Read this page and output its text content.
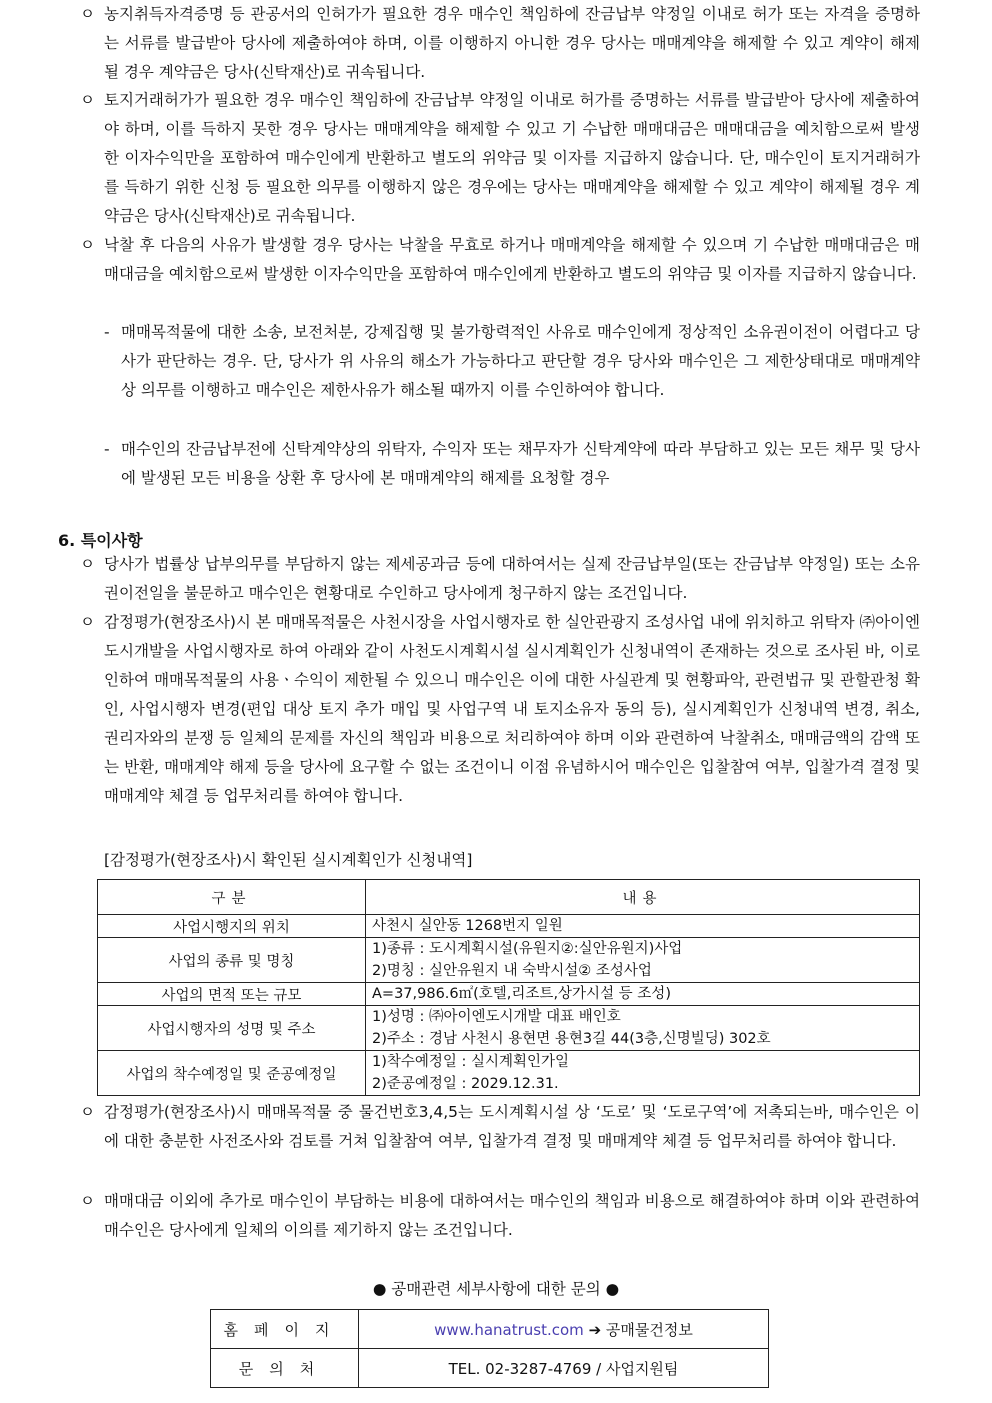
ㅇ 농지취득자격증명 등 관공서의 인허가가 필요한 경우 매수인 책임하에 잔금납부 약정일 이내로 허가 또는 자격을 증명하는 서류를 발급받아 당사에 제출하여야 하며, 이를 이행하지 아니한 경우 당사는 매매계약을 해제할 수 있고 계약이 해제될 경우 계약금은 당사(신탁재산)로 귀속됩니다.
ㅇ 토지거래허가가 필요한 경우 매수인 책임하에 잔금납부 약정일 이내로 허가를 증명하는 서류를 발급받아 당사에 제출하여야 하며, 이를 득하지 못한 경우 당사는 매매계약을 해제할 수 있고 기 수납한 매매대금은 매매대금을 예치함으로써 발생한 이자수익만을 포함하여 매수인에게 반환하고 별도의 위약금 및 이자를 지급하지 않습니다. 단, 매수인이 토지거래허가를 득하기 위한 신청 등 필요한 의무를 이행하지 않은 경우에는 당사는 매매계약을 해제할 수 있고 계약이 해제될 경우 계약금은 당사(신탁재산)로 귀속됩니다.
ㅇ 낙찰 후 다음의 사유가 발생할 경우 당사는 낙찰을 무효로 하거나 매매계약을 해제할 수 있으며 기 수납한 매매대금은 매매대금을 예치함으로써 발생한 이자수익만을 포함하여 매수인에게 반환하고 별도의 위약금 및 이자를 지급하지 않습니다.
- 매매목적물에 대한 소송, 보전처분, 강제집행 및 불가항력적인 사유로 매수인에게 정상적인 소유권이전이 어렵다고 당사가 판단하는 경우. 단, 당사가 위 사유의 해소가 가능하다고 판단할 경우 당사와 매수인은 그 제한상태대로 매매계약상 의무를 이행하고 매수인은 제한사유가 해소될 때까지 이를 수인하여야 합니다.
- 매수인의 잔금납부전에 신탁계약상의 위탁자, 수익자 또는 채무자가 신탁계약에 따라 부담하고 있는 모든 채무 및 당사에 발생된 모든 비용을 상환 후 당사에 본 매매계약의 해제를 요청할 경우
6. 특이사항
ㅇ 당사가 법률상 납부의무를 부담하지 않는 제세공과금 등에 대하여서는 실제 잔금납부일(또는 잔금납부 약정일) 또는 소유권이전일을 불문하고 매수인은 현황대로 수인하고 당사에게 청구하지 않는 조건입니다.
ㅇ 감정평가(현장조사)시 본 매매목적물은 사천시장을 사업시행자로 한 실안관광지 조성사업 내에 위치하고 위탁자 ㈜아이엔도시개발을 사업시행자로 하여 아래와 같이 사천도시계획시설 실시계획인가 신청내역이 존재하는 것으로 조사된 바, 이로 인하여 매매목적물의 사용ㆍ수익이 제한될 수 있으니 매수인은 이에 대한 사실관계 및 현황파악, 관련법규 및 관할관청 확인, 사업시행자 변경(편입 대상 토지 추가 매입 및 사업구역 내 토지소유자 동의 등), 실시계획인가 신청내역 변경, 취소, 권리자와의 분쟁 등 일체의 문제를 자신의 책임과 비용으로 처리하여야 하며 이와 관련하여 낙찰취소, 매매금액의 감액 또는 반환, 매매계약 해제 등을 당사에 요구할 수 없는 조건이니 이점 유념하시어 매수인은 입찰참여 여부, 입찰가격 결정 및 매매계약 체결 등 업무처리를 하여야 합니다.
[감정평가(현장조사)시 확인된 실시계획인가 신청내역]
구분	내용
사업시행지의 위치	사천시 실안동 1268번지 일원

사업의 종류 및 명칭	1)종류 : 도시계획시설(유원지②:실안유원지)사업
2)명칭 : 실안유원지 내 숙박시설② 조성사업

사업의 면적 또는 규모	A=37,986.6㎡(호텔,리조트,상가시설 등 조성)

사업시행자의 성명 및 주소	1)성명 : ㈜아이엔도시개발 대표 배인호
2)주소 : 경남 사천시 용현면 용현3길 44(3층,신명빌딩) 302호

사업의 착수예정일 및 준공예정일	1)착수예정일 : 실시계획인가일
2)준공예정일 : 2029.12.31.
ㅇ 감정평가(현장조사)시 매매목적물 중 물건번호3,4,5는 도시계획시설 상 ‘도로’ 및 ‘도로구역’에 저촉되는바, 매수인은 이에 대한 충분한 사전조사와 검토를 거쳐 입찰참여 여부, 입찰가격 결정 및 매매계약 체결 등 업무처리를 하여야 합니다.
ㅇ 매매대금 이외에 추가로 매수인이 부담하는 비용에 대하여서는 매수인의 책임과 비용으로 해결하여야 하며 이와 관련하여 매수인은 당사에게 일체의 이의를 제기하지 않는 조건입니다.
● 공매관련 세부사항에 대한 문의 ●
홈페이지	www.hanatrust.com ➔ 공매물건정보
문의처	TEL. 02-3287-4769 / 사업지원팀
